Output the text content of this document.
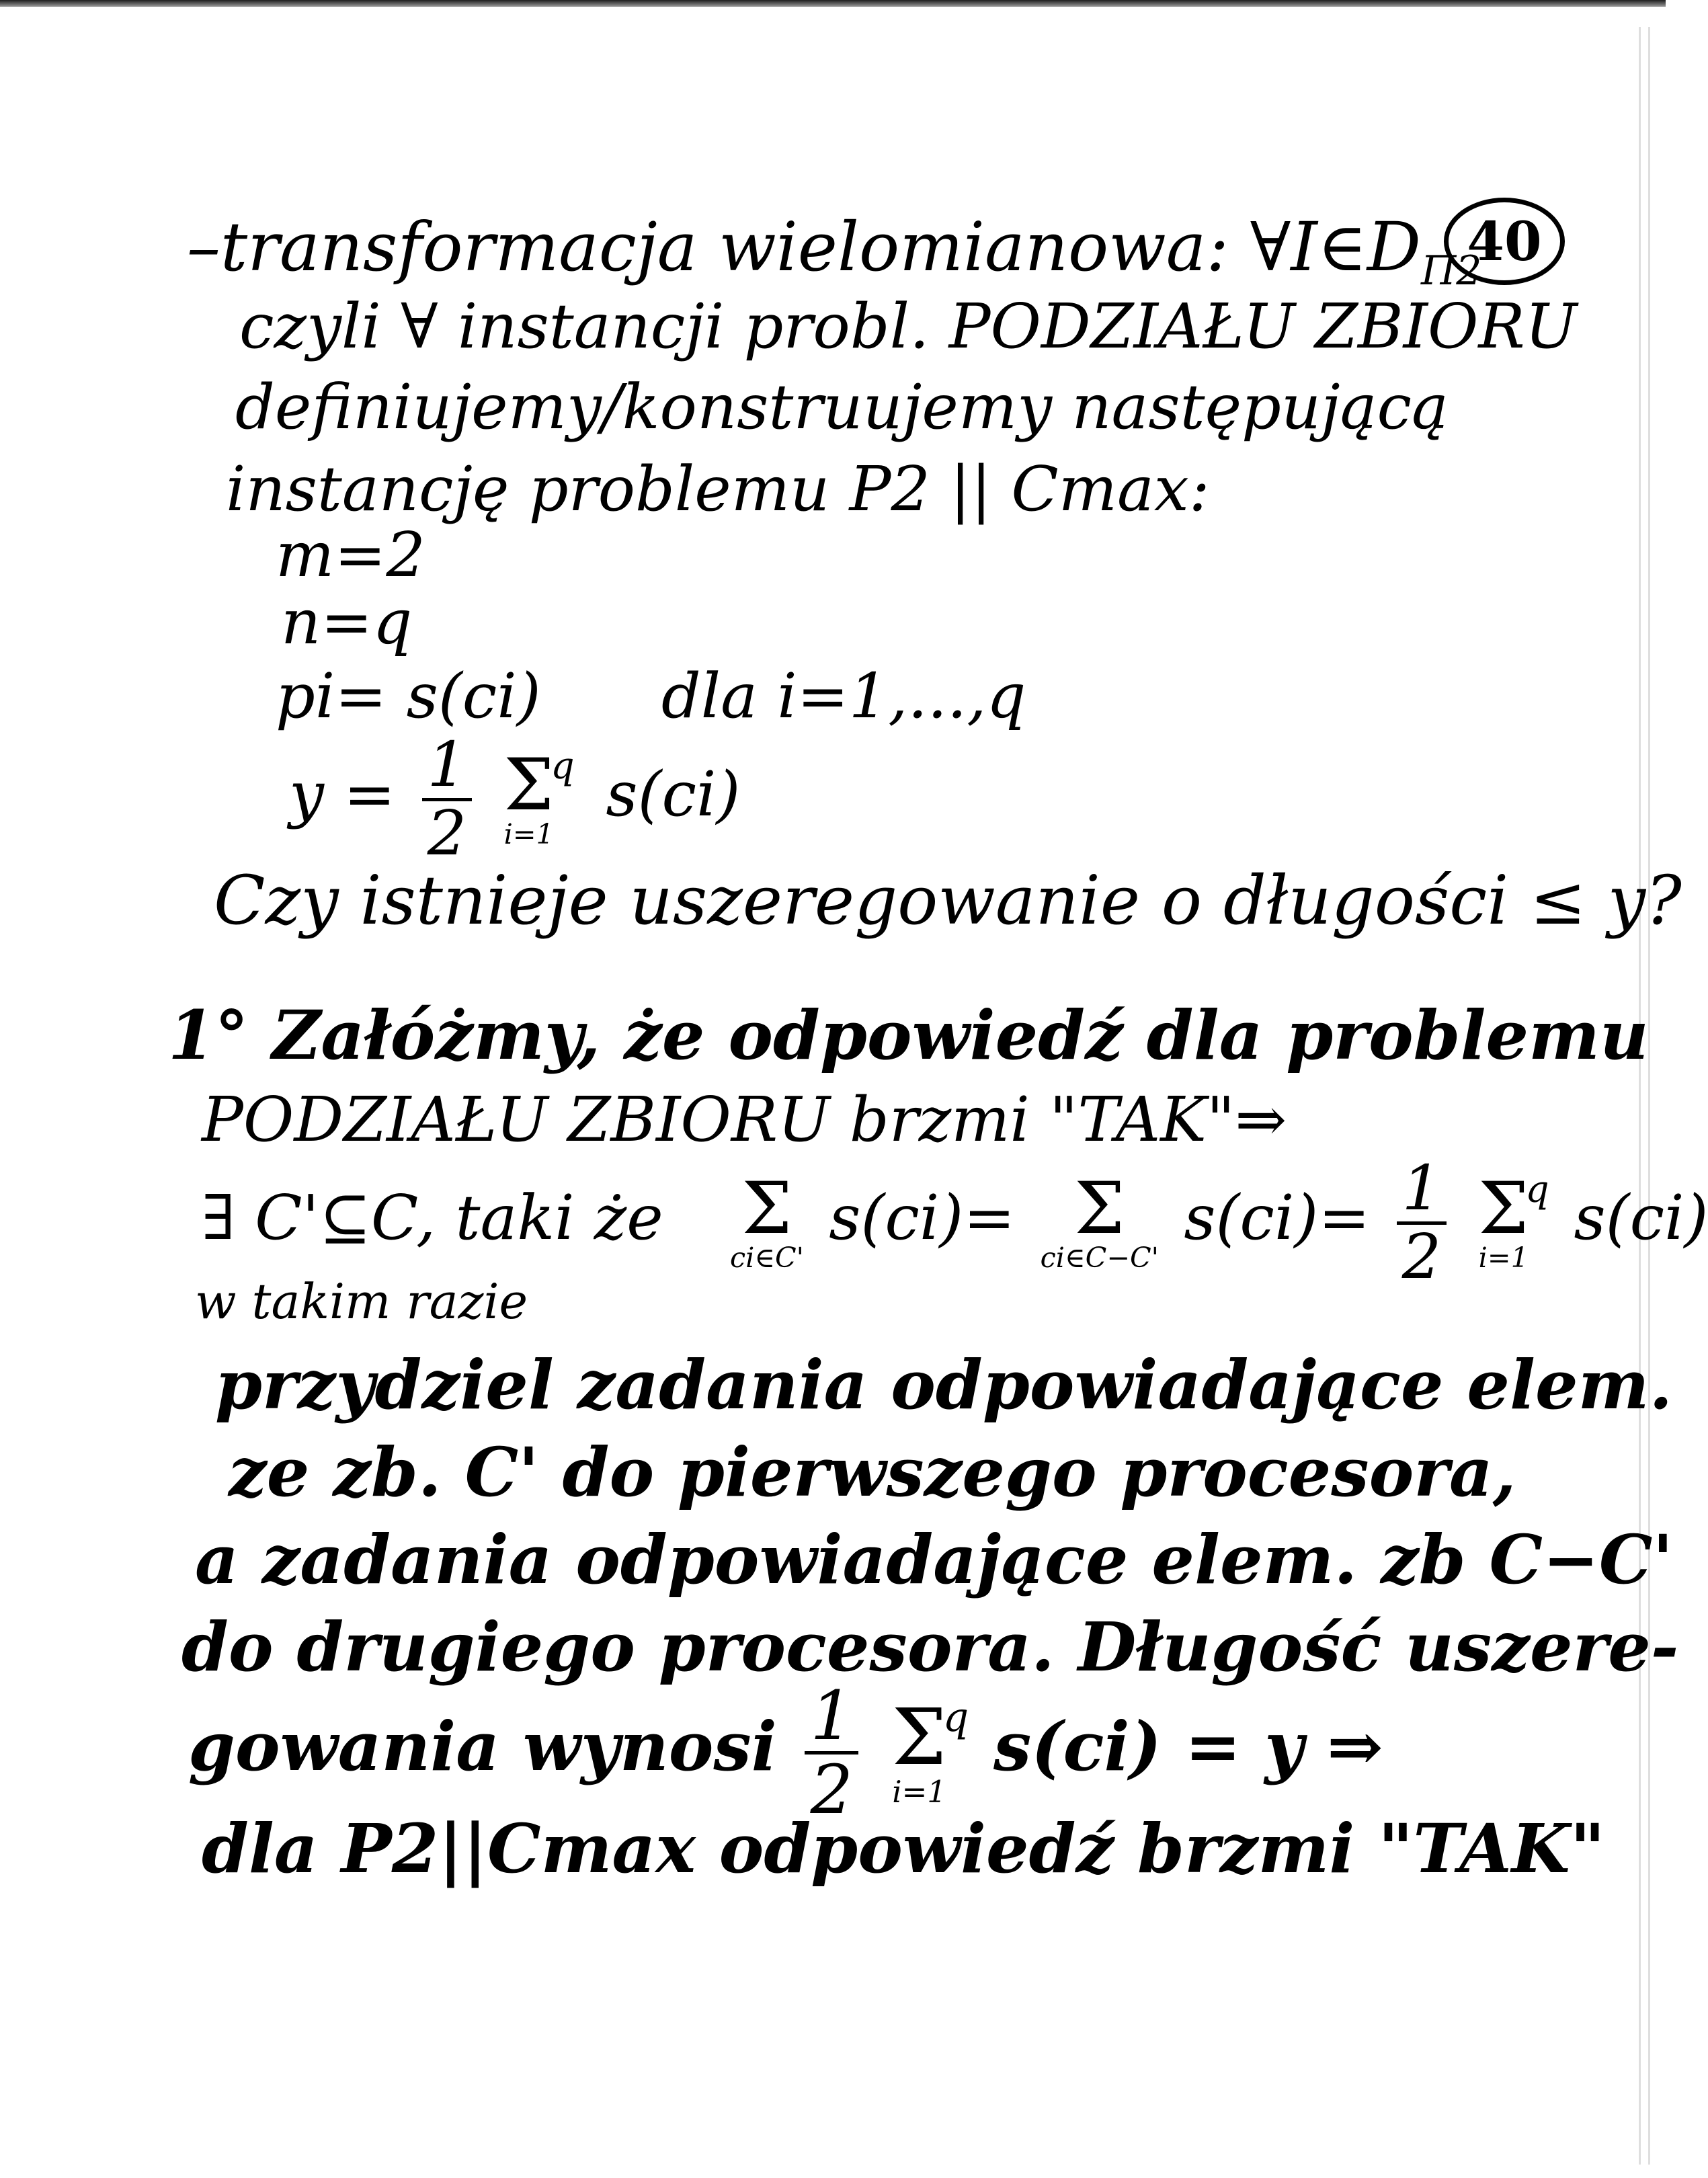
40
–transformacja wielomianowa: $\forall I\in D_{\Pi 2}$
czyli ∀ instancji probl. PODZIAŁU ZBIORU
definiujemy/konstruujemy następującą
instancję problemu P2 || Cmax:
m=2
n=q
pi= s(ci) dla i=1,...,q
$y = \frac{1}{2}$
q
Σ
i=1
s(ci)
Czy istnieje uszeregowanie o długości ≤ y?
1° Załóżmy, że odpowiedź dla problemu
PODZIAŁU ZBIORU brzmi "TAK"⇒
∃ C'⊆C, taki że Σ
ci∈C'
s(ci)= Σ
ci∈C−C'
$s(ci)= \frac{1}{2}$
q
Σ
i=1
s(ci)
w takim razie
przydziel zadania odpowiadające elem.
ze zb. C' do pierwszego procesora,
a zadania odpowiadające elem. zb C−C'
do drugiego procesora. Długość uszere-
gowania wynosi $\frac{1}{2}$
q
Σ
i=1
s(ci) = y ⇒
dla P2||Cmax odpowiedź brzmi "TAK"
